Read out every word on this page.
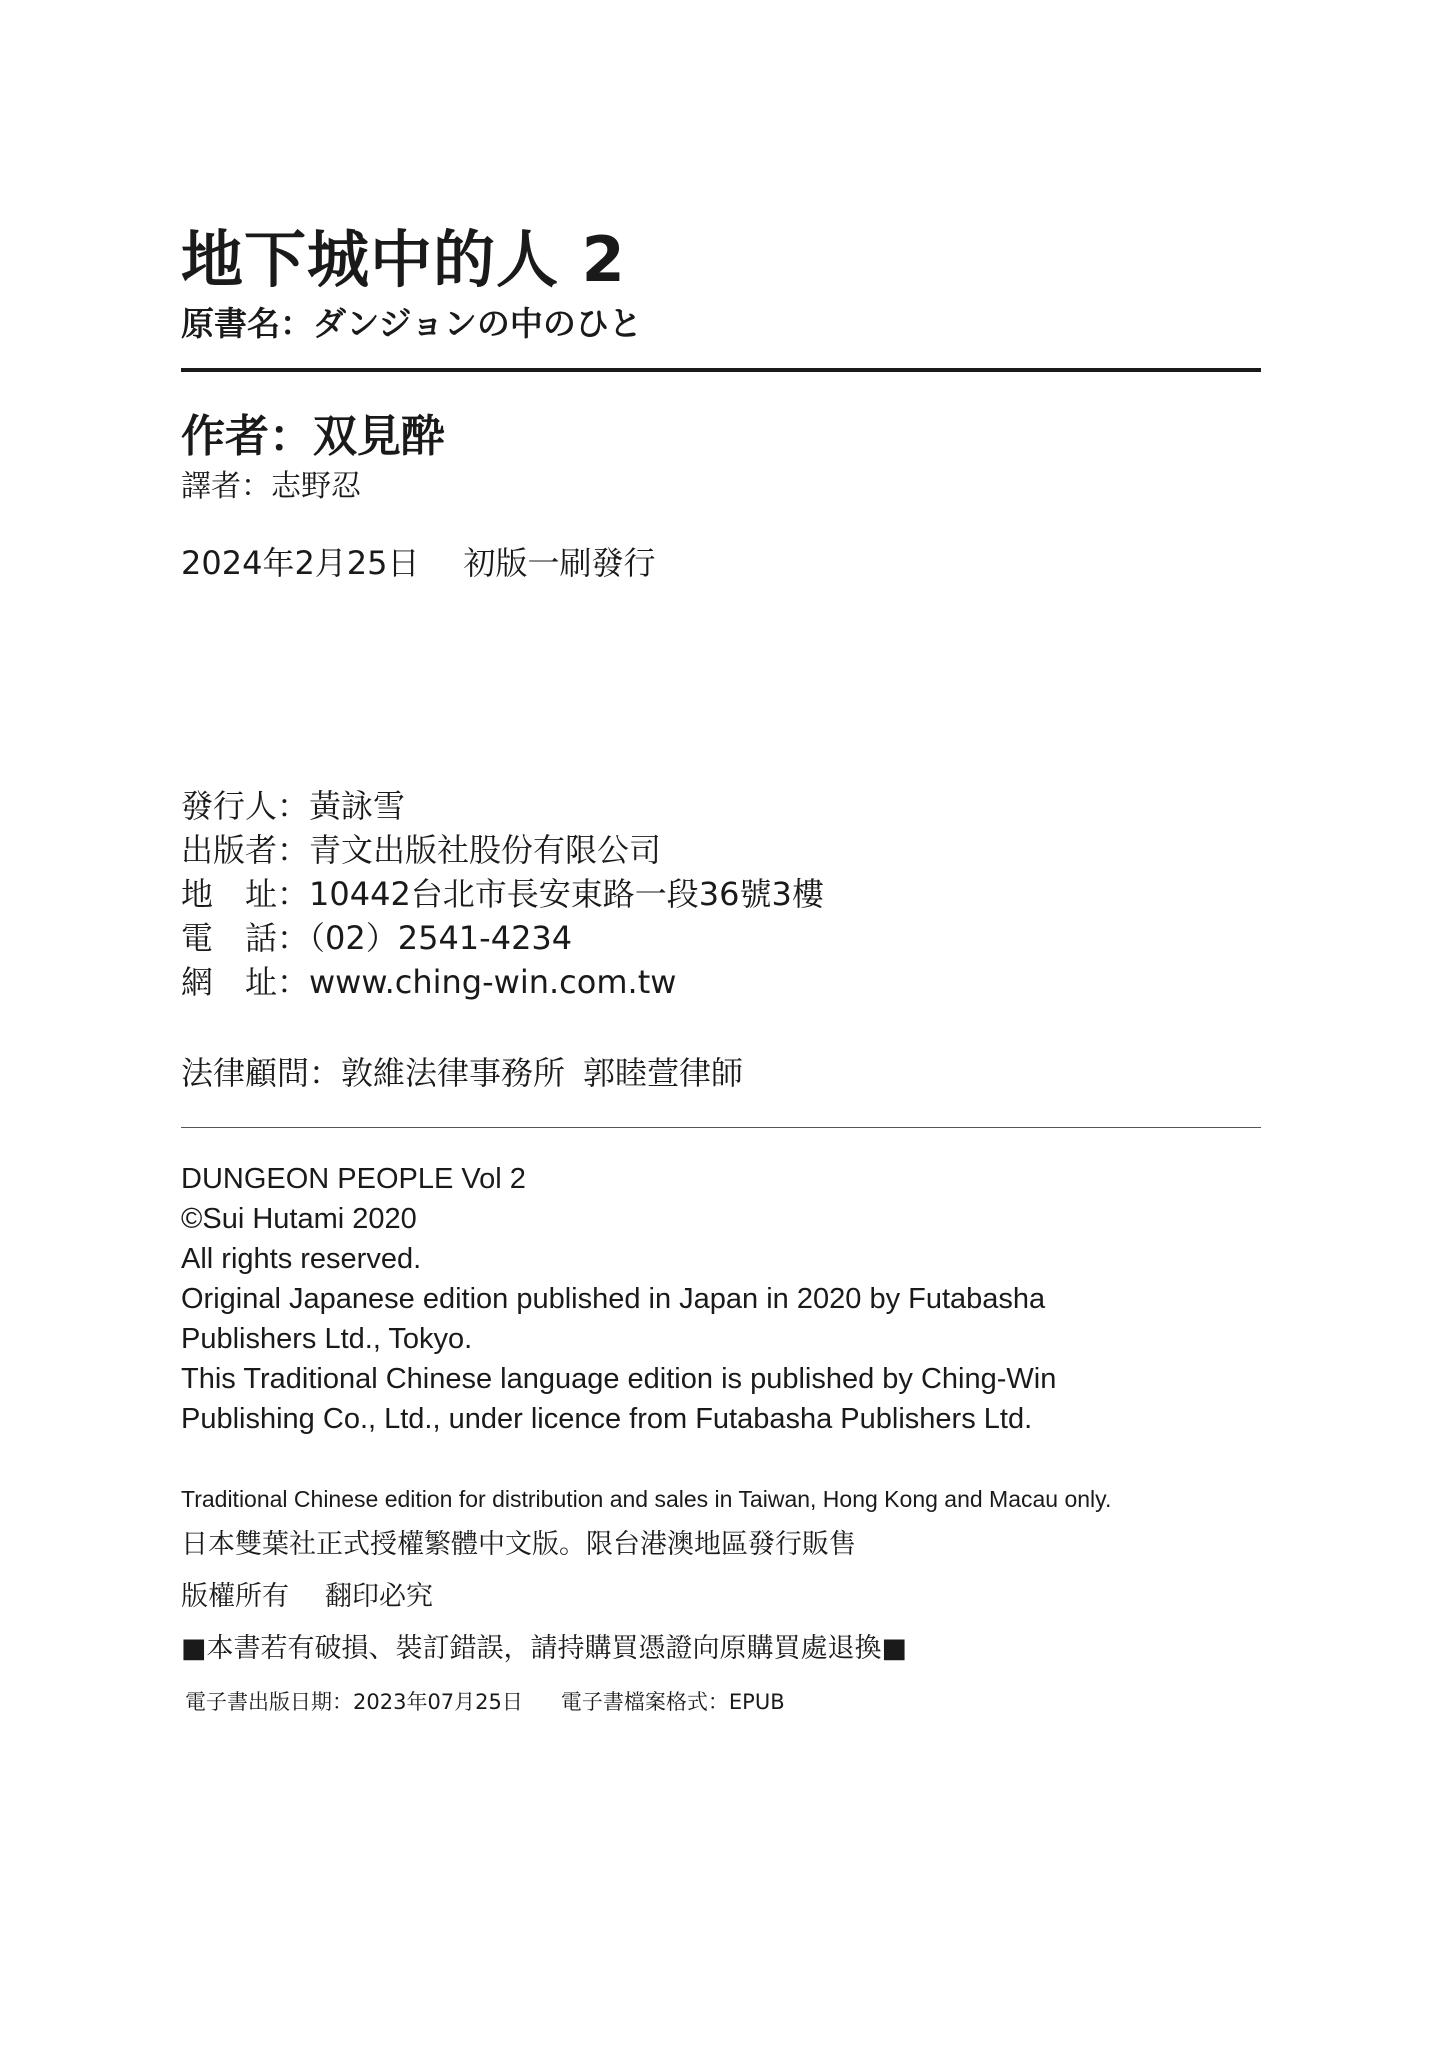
地下城中的人 2
原書名：ダンジョンの中のひと
作者：双見酔
譯者：志野忍
2024年2月25日 初版一刷發行
發行人：黃詠雪
出版者：青文出版社股份有限公司
地　址：10442台北市長安東路一段36號3樓
電　話：（02）2541-4234
網　址：www.ching-win.com.tw
法律顧問：敦維法律事務所 郭睦萱律師
DUNGEON PEOPLE Vol 2
©Sui Hutami 2020
All rights reserved.
Original Japanese edition published in Japan in 2020 by Futabasha
Publishers Ltd., Tokyo.
This Traditional Chinese language edition is published by Ching-Win
Publishing Co., Ltd., under licence from Futabasha Publishers Ltd.
Traditional Chinese edition for distribution and sales in Taiwan, Hong Kong and Macau only.
日本雙葉社正式授權繁體中文版。限台港澳地區發行販售
版權所有 翻印必究
■本書若有破損、裝訂錯誤，請持購買憑證向原購買處退換■
電子書出版日期：2023年07月25日 電子書檔案格式：EPUB
